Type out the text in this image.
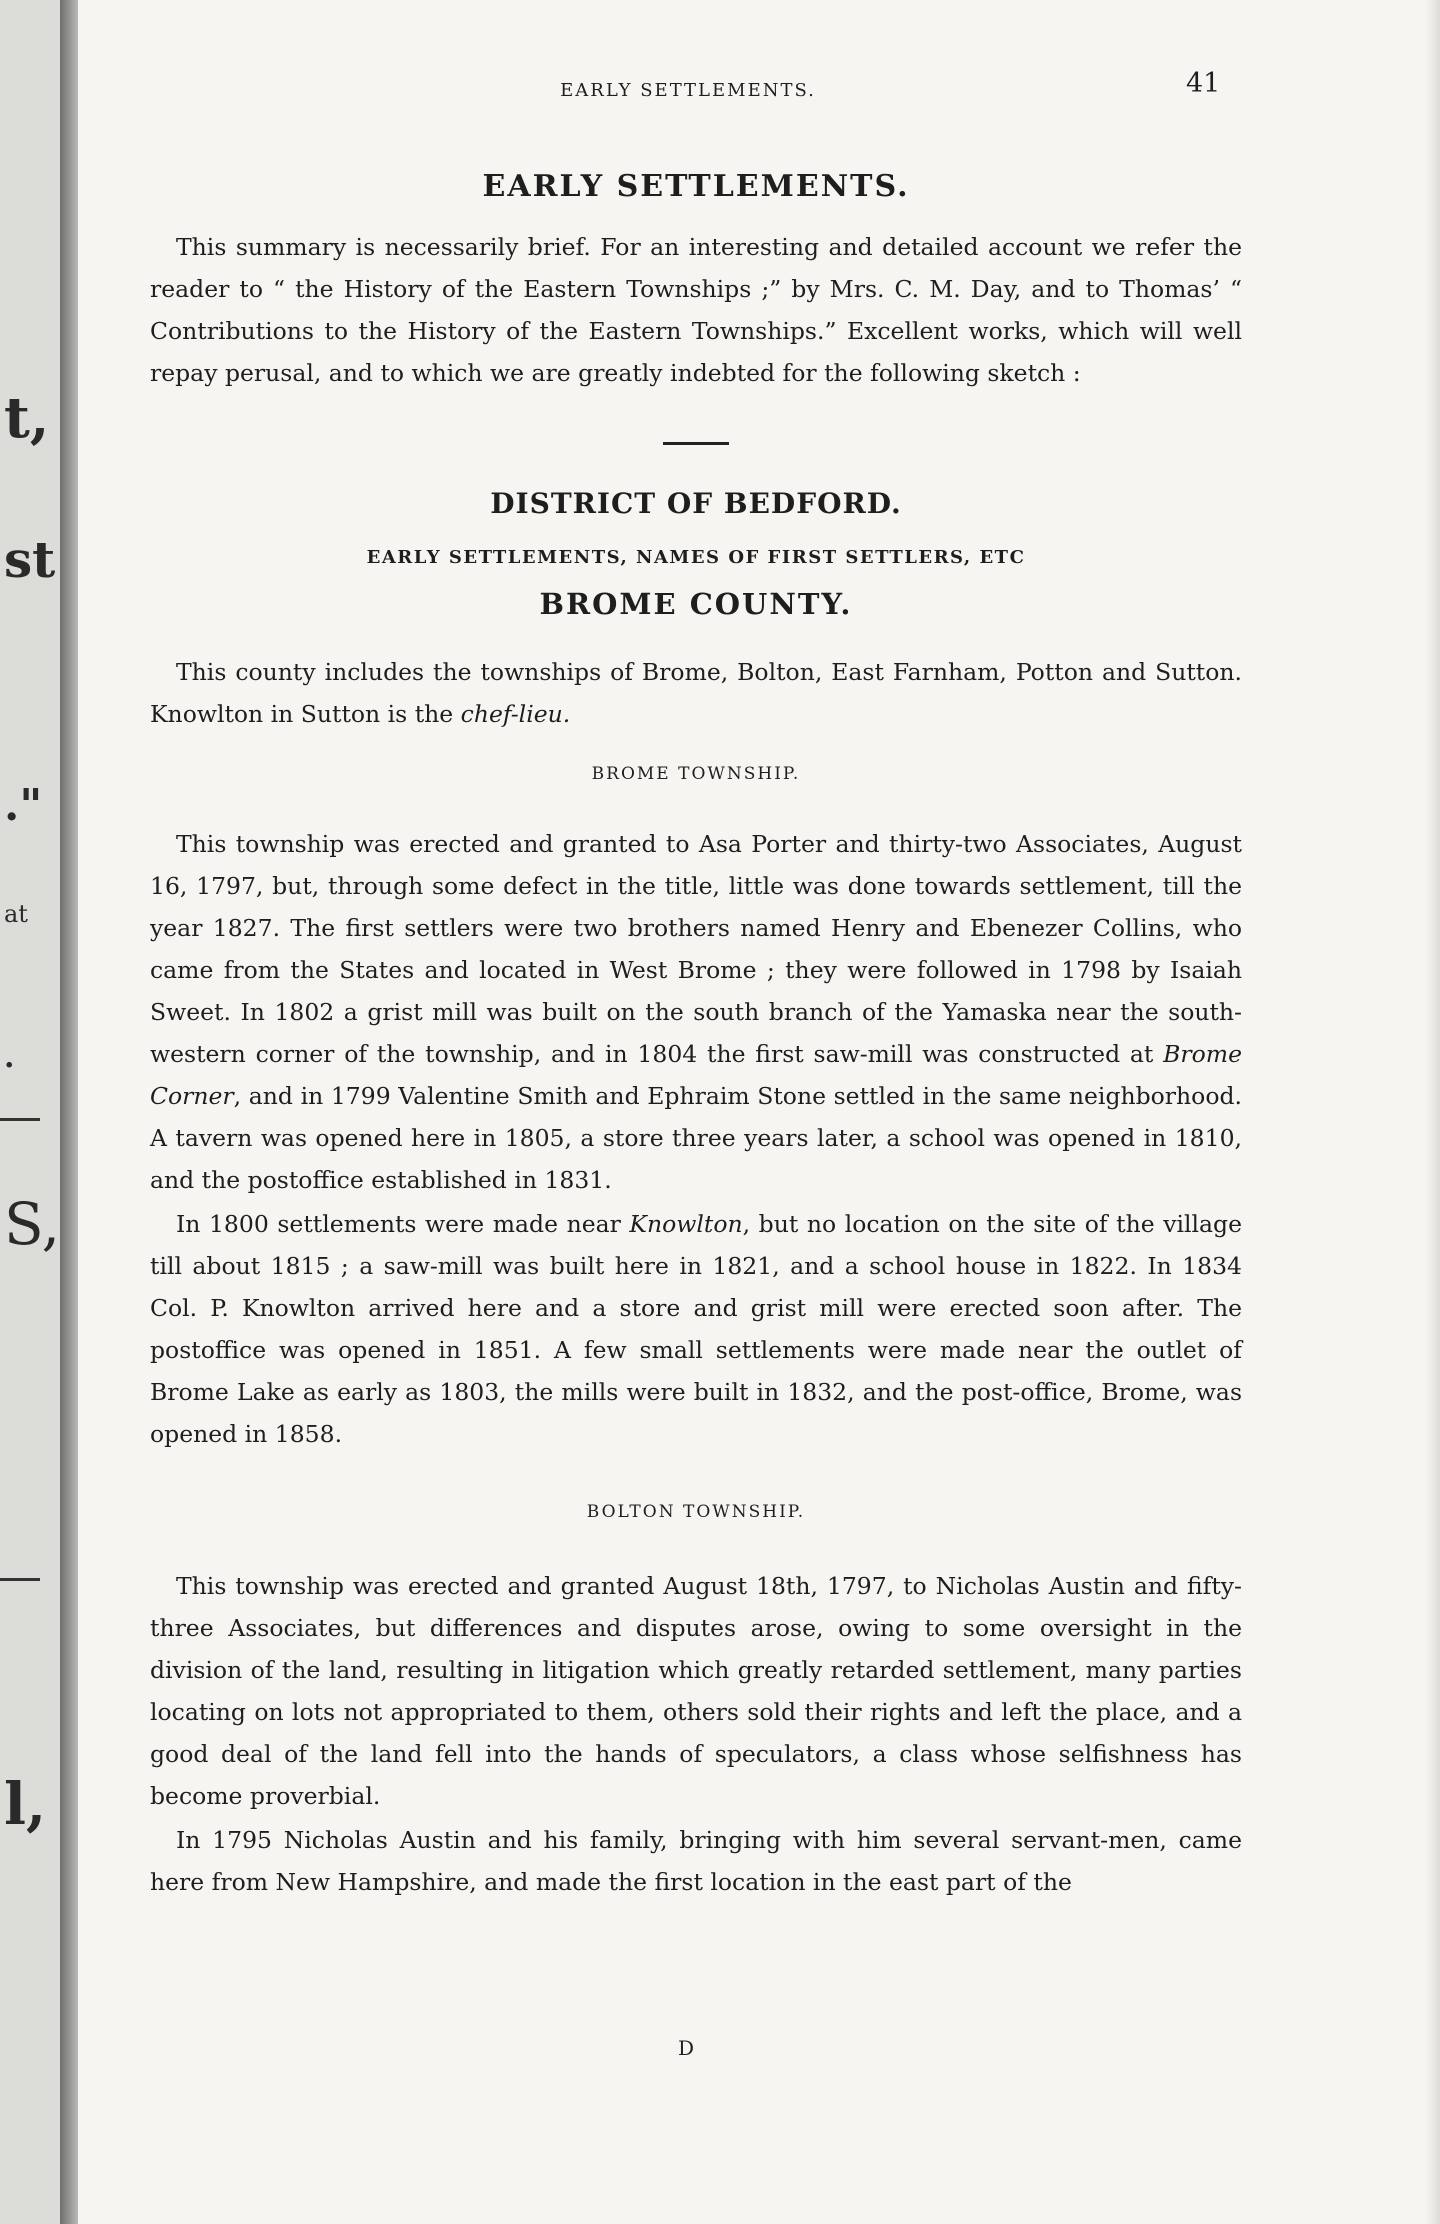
t,
st
."
at
.
S,
l,
EARLY SETTLEMENTS.	41
EARLY SETTLEMENTS.

This summary is necessarily brief. For an interesting and detailed account we refer the reader to “ the History of the Eastern Townships ;” by Mrs. C. M. Day, and to Thomas’ “ Contributions to the History of the Eastern Townships.” Excellent works, which will well repay perusal, and to which we are greatly indebted for the following sketch :

DISTRICT OF BEDFORD.
EARLY SETTLEMENTS, NAMES OF FIRST SETTLERS, ETC
BROME COUNTY.

This county includes the townships of Brome, Bolton, East Farnham, Potton and Sutton. Knowlton in Sutton is the chef-lieu.

BROME TOWNSHIP.

This township was erected and granted to Asa Porter and thirty-two Associates, August 16, 1797, but, through some defect in the title, little was done towards settlement, till the year 1827. The first settlers were two brothers named Henry and Ebenezer Collins, who came from the States and located in West Brome ; they were followed in 1798 by Isaiah Sweet. In 1802 a grist mill was built on the south branch of the Yamaska near the south-western corner of the township, and in 1804 the first saw-mill was constructed at Brome Corner, and in 1799 Valentine Smith and Ephraim Stone settled in the same neighborhood. A tavern was opened here in 1805, a store three years later, a school was opened in 1810, and the postoffice established in 1831.

In 1800 settlements were made near Knowlton, but no location on the site of the village till about 1815 ; a saw-mill was built here in 1821, and a school house in 1822. In 1834 Col. P. Knowlton arrived here and a store and grist mill were erected soon after. The postoffice was opened in 1851. A few small settlements were made near the outlet of Brome Lake as early as 1803, the mills were built in 1832, and the post-office, Brome, was opened in 1858.

BOLTON TOWNSHIP.

This township was erected and granted August 18th, 1797, to Nicholas Austin and fifty-three Associates, but differences and disputes arose, owing to some oversight in the division of the land, resulting in litigation which greatly retarded settlement, many parties locating on lots not appropriated to them, others sold their rights and left the place, and a good deal of the land fell into the hands of speculators, a class whose selfishness has become proverbial.

In 1795 Nicholas Austin and his family, bringing with him several servant-men, came here from New Hampshire, and made the first location in the east part of the

D
